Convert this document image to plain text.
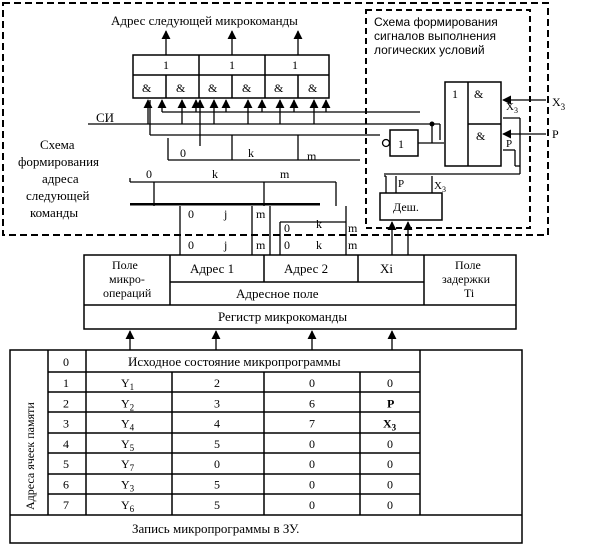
Адрес следующей микрокоманды	Схема формирования
сигналов выполнения
логических условий
1	1	1
& & & & & &
СИ
0	k	m
1
1 &
&
$X_3$
P
$X_3$
P
Деш.
P	$X_3$
Схема
формирования
адреса
следующей
команды
0	k	m
0	j m
0 k m
0	j m 0 k m
Поле
микро-
операций
Адрес 1	Адрес 2	Xi	Поле
задержки
Ti
Адресное поле
Регистр микрокоманды
Адреса ячеек памяти
0	Исходное состояние микропрограммы
1	$Y_1$	2	0	0
2	$Y_2$	3	6	P
3	$Y_4$	4	7	$X_3$
4	$Y_5$	5	0	0
5	$Y_7$	0	0	0
6	$Y_3$	5	0	0
7	$Y_6$	5	0	0
Запись микропрограммы в ЗУ.
